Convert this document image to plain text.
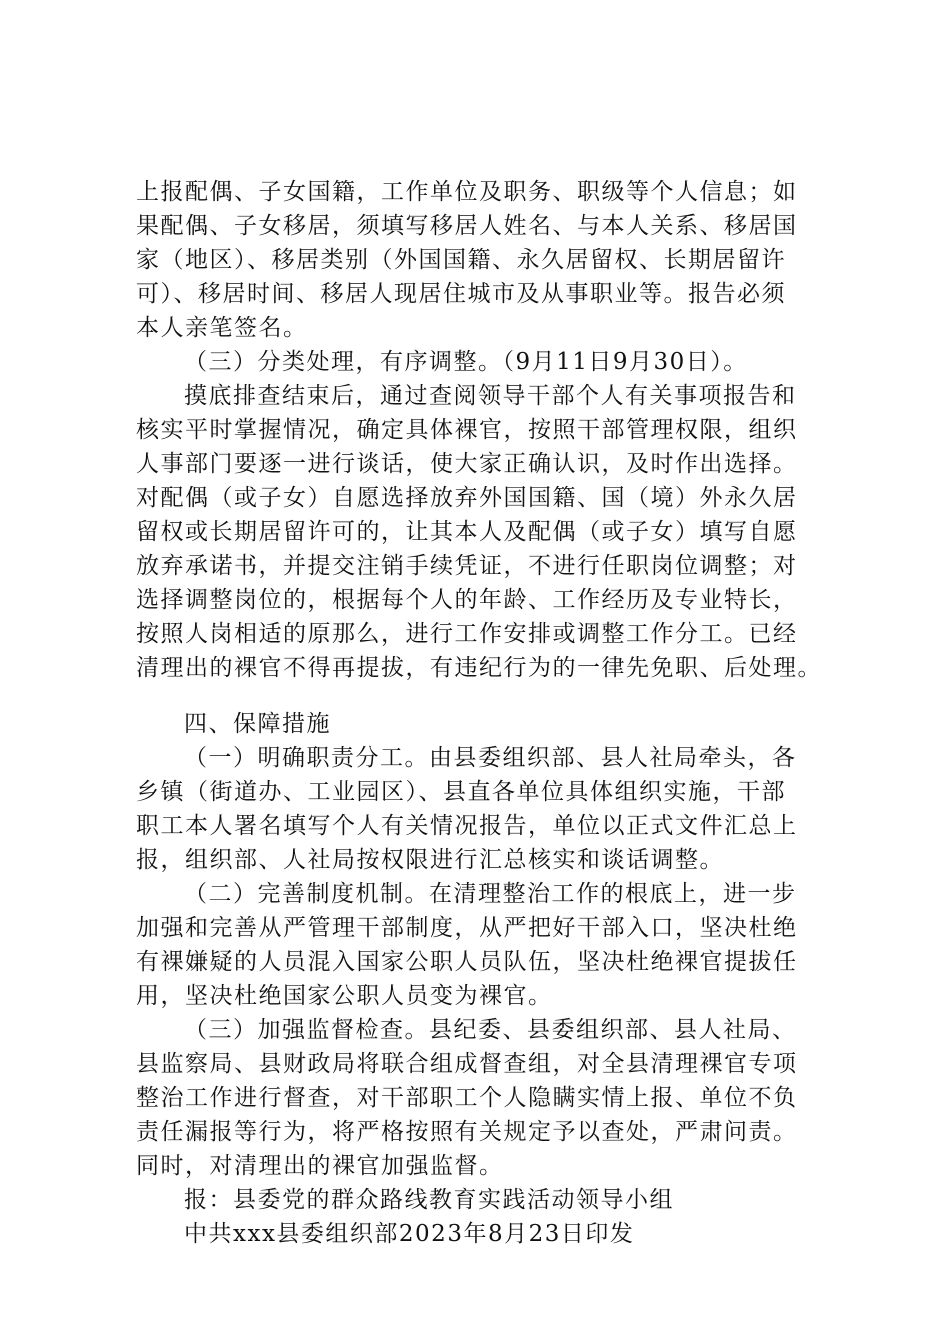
上报配偶、子女国籍，工作单位及职务、职级等个人信息；如
果配偶、子女移居，须填写移居人姓名、与本人关系、移居国
家（地区）、移居类别（外国国籍、永久居留权、长期居留许
可）、移居时间、移居人现居住城市及从事职业等。报告必须
本人亲笔签名。
（三）分类处理，有序调整。（9月11日9月30日）。
摸底排查结束后，通过查阅领导干部个人有关事项报告和
核实平时掌握情况，确定具体裸官，按照干部管理权限，组织
人事部门要逐一进行谈话，使大家正确认识，及时作出选择。
对配偶（或子女）自愿选择放弃外国国籍、国（境）外永久居
留权或长期居留许可的，让其本人及配偶（或子女）填写自愿
放弃承诺书，并提交注销手续凭证，不进行任职岗位调整；对
选择调整岗位的，根据每个人的年龄、工作经历及专业特长，
按照人岗相适的原那么，进行工作安排或调整工作分工。已经
清理出的裸官不得再提拔，有违纪行为的一律先免职、后处理。
四、保障措施
（一）明确职责分工。由县委组织部、县人社局牵头，各
乡镇（街道办、工业园区）、县直各单位具体组织实施，干部
职工本人署名填写个人有关情况报告，单位以正式文件汇总上
报，组织部、人社局按权限进行汇总核实和谈话调整。
（二）完善制度机制。在清理整治工作的根底上，进一步
加强和完善从严管理干部制度，从严把好干部入口，坚决杜绝
有裸嫌疑的人员混入国家公职人员队伍，坚决杜绝裸官提拔任
用，坚决杜绝国家公职人员变为裸官。
（三）加强监督检查。县纪委、县委组织部、县人社局、
县监察局、县财政局将联合组成督查组，对全县清理裸官专项
整治工作进行督查，对干部职工个人隐瞒实情上报、单位不负
责任漏报等行为，将严格按照有关规定予以查处，严肃问责。
同时，对清理出的裸官加强监督。
报：县委党的群众路线教育实践活动领导小组
中共xxx县委组织部2023年8月23日印发
